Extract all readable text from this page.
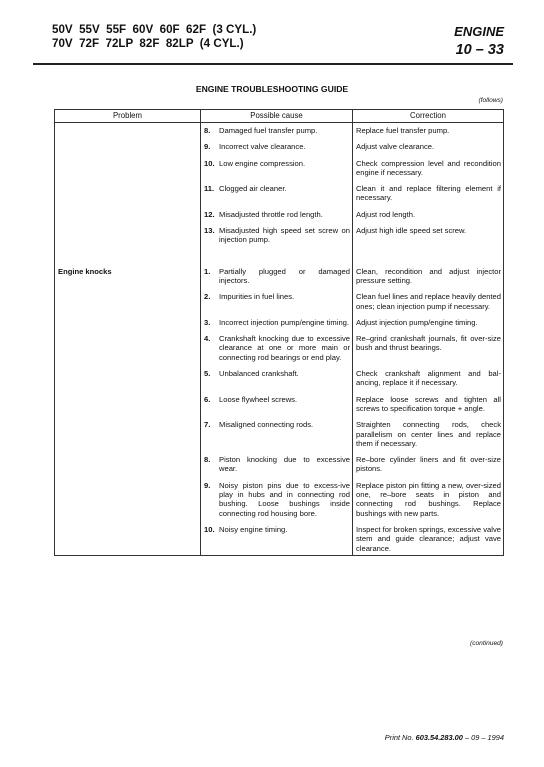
50V  55V  55F  60V  60F  62F  (3 CYL.)
70V  72F  72LP  82F  82LP  (4 CYL.)
ENGINE
10 – 33
ENGINE TROUBLESHOOTING GUIDE
(follows)
Problem	Possible cause	Correction

	8. Damaged fuel transfer pump.	Replace fuel transfer pump.

	9. Incorrect valve clearance.	Adjust valve clearance.

	10. Low engine compression.	Check compression level and recondition engine if necessary.

	11. Clogged air cleaner.	Clean it and replace filtering element if necessary.

	12. Misadjusted throttle rod length.	Adjust rod length.

	13. Misadjusted high speed set screw on injection pump.	Adjust high idle speed set screw.
Engine knocks	1. Partially plugged or damaged injectors.	Clean, recondition and adjust injector pressure setting.

	2. Impurities in fuel lines.	Clean fuel lines and replace heavily dented ones; clean injection pump if necessary.

	3. Incorrect injection pump/engine timing.	Adjust injection pump/engine timing.

	4. Crankshaft knocking due to excessive clearance at one or more main or connecting rod bearings or end play.	Re–grind crankshaft journals, fit over-size bush and thrust bearings.

	5. Unbalanced crankshaft.	Check crankshaft alignment and bal-ancing, replace it if necessary.

	6. Loose flywheel screws.	Replace loose screws and tighten all screws to specification torque + angle.

	7. Misaligned connecting rods.	Straighten connecting rods, check parallelism on center lines and replace them if necessary.

	8. Piston knocking due to excessive wear.	Re–bore cylinder liners and fit over-size pistons.

	9. Noisy piston pins due to excess-ive play in hubs and in connecting rod bushing. Loose bushings inside connecting rod housing bore.	Replace piston pin fitting a new, over-sized one, re–bore seats in piston and connecting rod bushings. Replace bushings with new parts.

	10. Noisy engine timing.	Inspect for broken springs, excessive valve stem and guide clearance; adjust vave clearance.
(continued)
Print No. 603.54.283.00 – 09 – 1994
